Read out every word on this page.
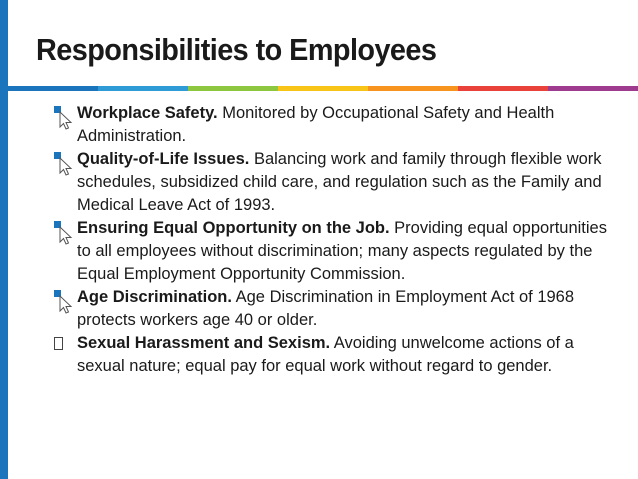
Responsibilities to Employees
Workplace Safety. Monitored by Occupational Safety and Health Administration.
Quality-of-Life Issues. Balancing work and family through flexible work schedules, subsidized child care, and regulation such as the Family and Medical Leave Act of 1993.
Ensuring Equal Opportunity on the Job. Providing equal opportunities to all employees without discrimination; many aspects regulated by the Equal Employment Opportunity Commission.
Age Discrimination. Age Discrimination in Employment Act of 1968 protects workers age 40 or older.
Sexual Harassment and Sexism. Avoiding unwelcome actions of a sexual nature; equal pay for equal work without regard to gender.
